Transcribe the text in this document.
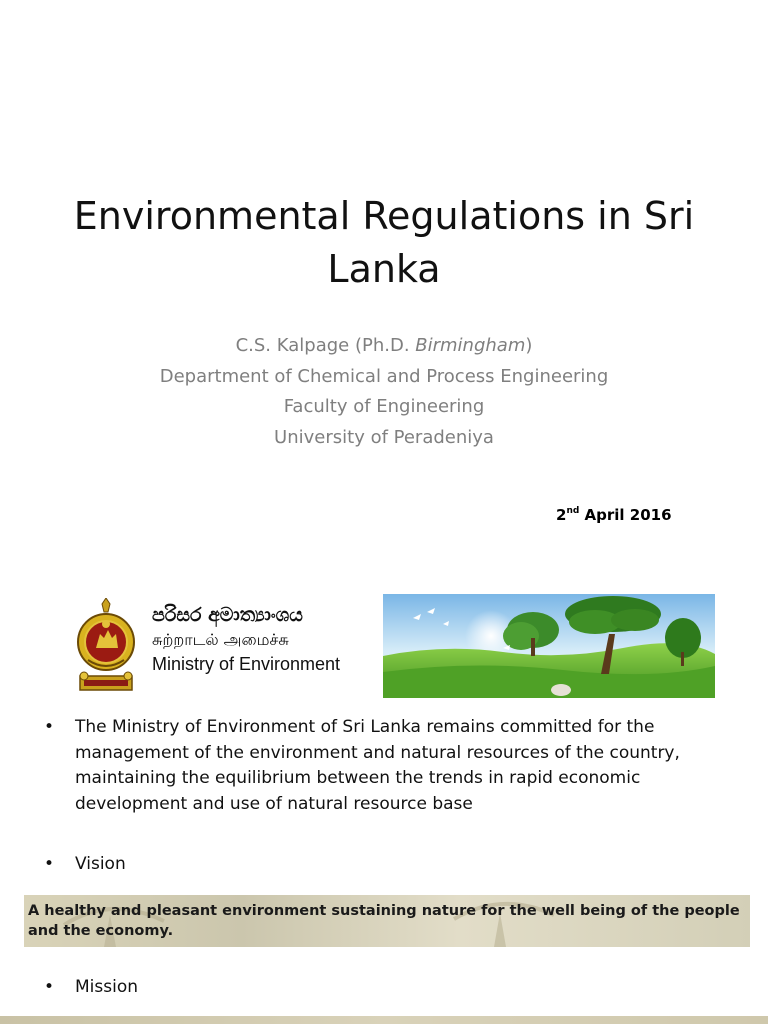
Environmental Regulations in Sri
Lanka
C.S. Kalpage (Ph.D. Birmingham)
Department of Chemical and Process Engineering
Faculty of Engineering
University of Peradeniya
2nd April 2016
පරිසර අමාත්‍යාංශය
சுற்றாடல் அமைச்சு
Ministry of Environment
• The Ministry of Environment of Sri Lanka remains committed for the management of the environment and natural resources of the country, maintaining the equilibrium between the trends in rapid economic development and use of natural resource base
• Vision
A healthy and pleasant environment sustaining nature for the well being of the people and the economy.
• Mission
